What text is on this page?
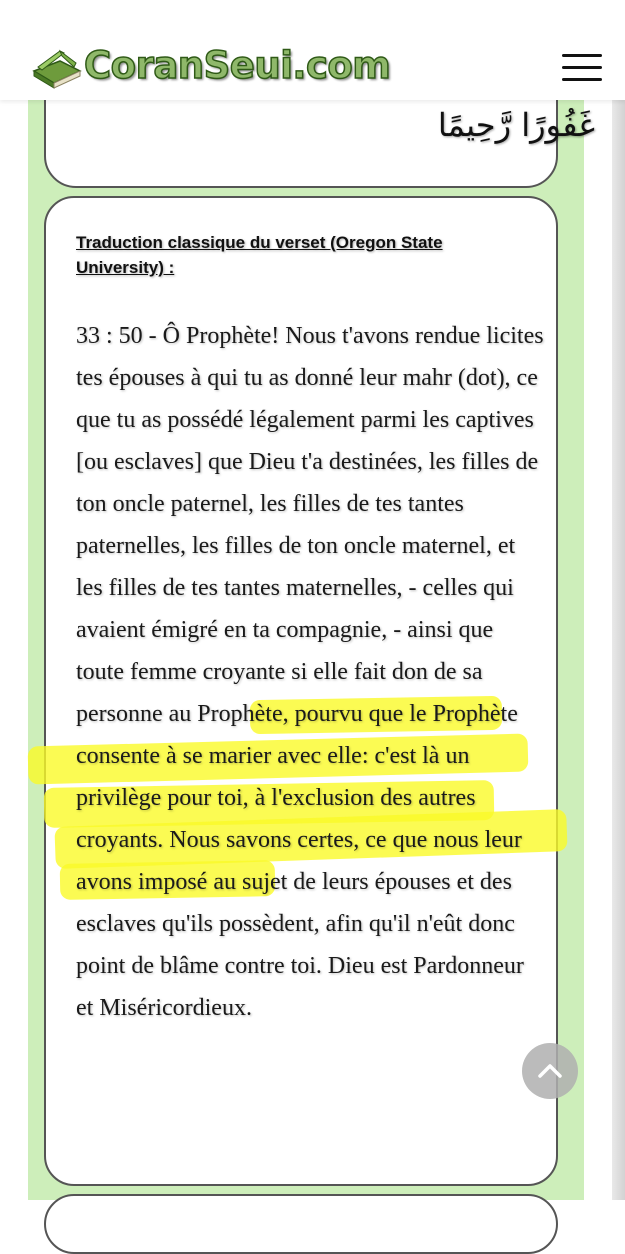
غَفُورًا رَّحِيمًا
Traduction classique du verset (Oregon State University) :
33 : 50 - Ô Prophète! Nous t'avons rendue licites tes épouses à qui tu as donné leur mahr (dot), ce que tu as possédé légalement parmi les captives [ou esclaves] que Dieu t'a destinées, les filles de ton oncle paternel, les filles de tes tantes paternelles, les filles de ton oncle maternel, et les filles de tes tantes maternelles, - celles qui avaient émigré en ta compagnie, - ainsi que toute femme croyante si elle fait don de sa personne au Prophète, pourvu que le Prophète consente à se marier avec elle: c'est là un privilège pour toi, à l'exclusion des autres croyants. Nous savons certes, ce que nous leur avons imposé au sujet de leurs épouses et des esclaves qu'ils possèdent, afin qu'il n'eût donc point de blâme contre toi. Dieu est Pardonneur et Miséricordieux.
CoranSeui.com
